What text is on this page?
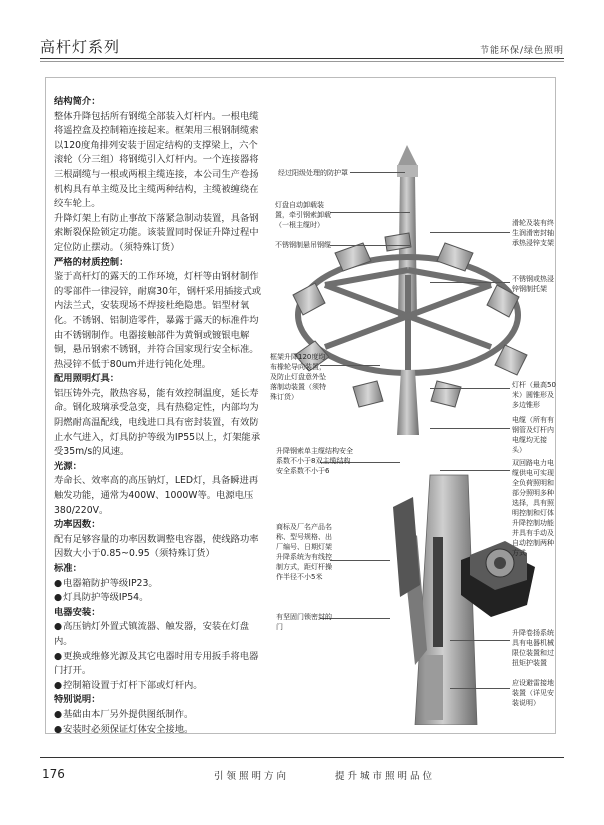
高杆灯系列	节能环保/绿色照明

结构简介：

整体升降包括所有钢缆全部装入灯杆内。一根电缆将遥控盒及控制箱连接起来。框架用三根钢制缆索以120度角排列安装于固定结构的支撑梁上，六个滚轮（分三组）将钢缆引入灯杆内。一个连接器将三根副缆与一根或两根主缆连接，本公司生产卷扬机构具有单主缆及比主缆两种结构，主缆被缠绕在绞车轮上。

升降灯架上有防止事故下落紧急制动装置，具备钢索断裂保险锁定功能。该装置同时保证升降过程中定位防止摆动。（须特殊订货）

严格的材质控制：

鉴于高杆灯的露天的工作环境，灯杆等由钢材制作的零部件一律浸锌，耐腐30年，钢杆采用插接式或内法兰式，安装现场不焊接杜绝隐患。铝型材氧化。不锈钢、铝制造零件，暴露于露天的标准件均由不锈钢制作。电器接触部件为黄铜或镀银电解铜，悬吊钢索不锈钢，并符合国家现行安全标准。热浸锌不低于80um并进行钝化处理。

配用照明灯具：

铝压铸外壳，散热容易，能有效控制温度，延长寿命。钢化玻璃承受急变，具有热稳定性，内部均为阴燃耐高温配线，电线进口具有密封装置，有效防止水气进入，灯具防护等级为IP55以上，灯架能承受35m/s的风速。

光源：

寿命长、效率高的高压钠灯，LED灯，具备瞬进再触发功能，通常为400W、1000W等。电源电压380/220V。

功率因数：

配有足够容量的功率因数调整电容器，使线路功率因数大小于0.85~0.95（须特殊订货）

标准：

● 电器箱防护等级IP23。

● 灯具防护等级IP54。

电器安装：

● 高压钠灯外置式镇流器、触发器，安装在灯盘内。

● 更换或维修光源及其它电器时用专用扳手将电器门打开。

● 控制箱设置于灯杆下部或灯杆内。

特别说明：

● 基础由本厂另外提供图纸制作。

● 安装时必须保证灯体安全接地。

经过阳级处理的防护罩
灯盘自动卸载装置，牵引钢索卸载（一根主缆时）
不锈钢制悬吊钢缆
滑轮及装有终生润滑密封轴承热浸锌支架
不锈钢或热浸锌钢制托架
框架升降120度均布橡轮导向装置，及防止灯盘意外坠落制动装置（须特殊订货）
灯杆（最高50米）圆锥形及多边锥形
电缆（所有有钢管及灯杆内电缆均无接头）
升降钢索单主缆结构安全系数不小于8双主缆结构安全系数不小于6
双回路电力电缆供电可实现全负荷照明和部分照明多种选择，具有照明控制和灯体升降控制功能并具有手动及自动控制两种方式
商标及厂名产品名称、型号规格、出厂编号、日期灯架升降系统为有线控制方式，距灯杆操作半径不小5米
有坚固门锁密封的门
升降卷扬系统具有电器机械限位装置和过扭矩护装置
应设避雷接地装置（详见安装说明）
176	引领照明方向	提升城市照明品位
